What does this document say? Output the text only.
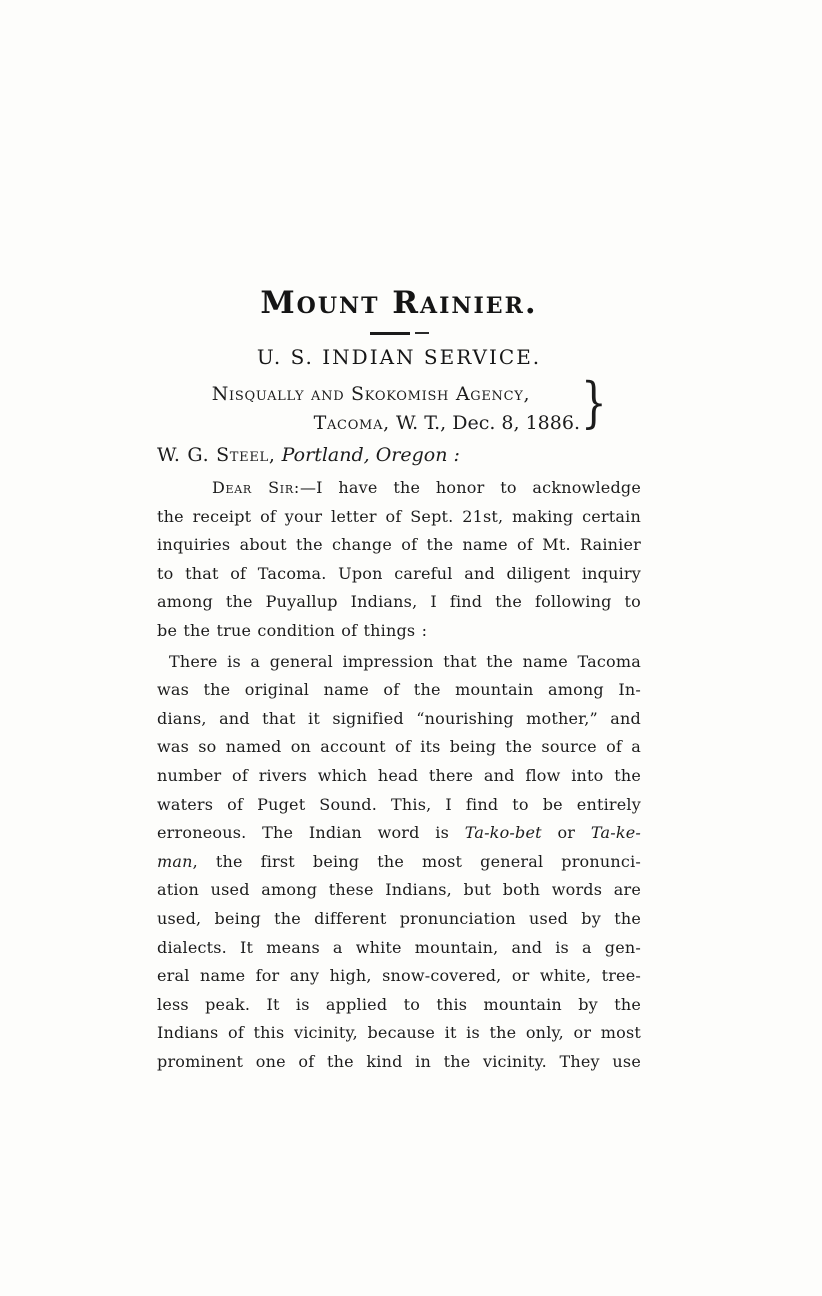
Mount Rainier.
U. S. INDIAN SERVICE.
Nisqually and Skokomish Agency,
Tacoma, W. T., Dec. 8, 1886. }
W. G. Steel, Portland, Oregon :
Dear Sir:—I have the honor to acknowledge
the receipt of your letter of Sept. 21st, making certain
inquiries about the change of the name of Mt. Rainier
to that of Tacoma. Upon careful and diligent inquiry
among the Puyallup Indians, I find the following to
be the true condition of things :
There is a general impression that the name Tacoma
was the original name of the mountain among In-
dians, and that it signified “nourishing mother,” and
was so named on account of its being the source of a
number of rivers which head there and flow into the
waters of Puget Sound. This, I find to be entirely
erroneous. The Indian word is Ta-ko-bet or Ta-ke-
man, the first being the most general pronunci-
ation used among these Indians, but both words are
used, being the different pronunciation used by the
dialects. It means a white mountain, and is a gen-
eral name for any high, snow-covered, or white, tree-
less peak. It is applied to this mountain by the
Indians of this vicinity, because it is the only, or most
prominent one of the kind in the vicinity. They use
